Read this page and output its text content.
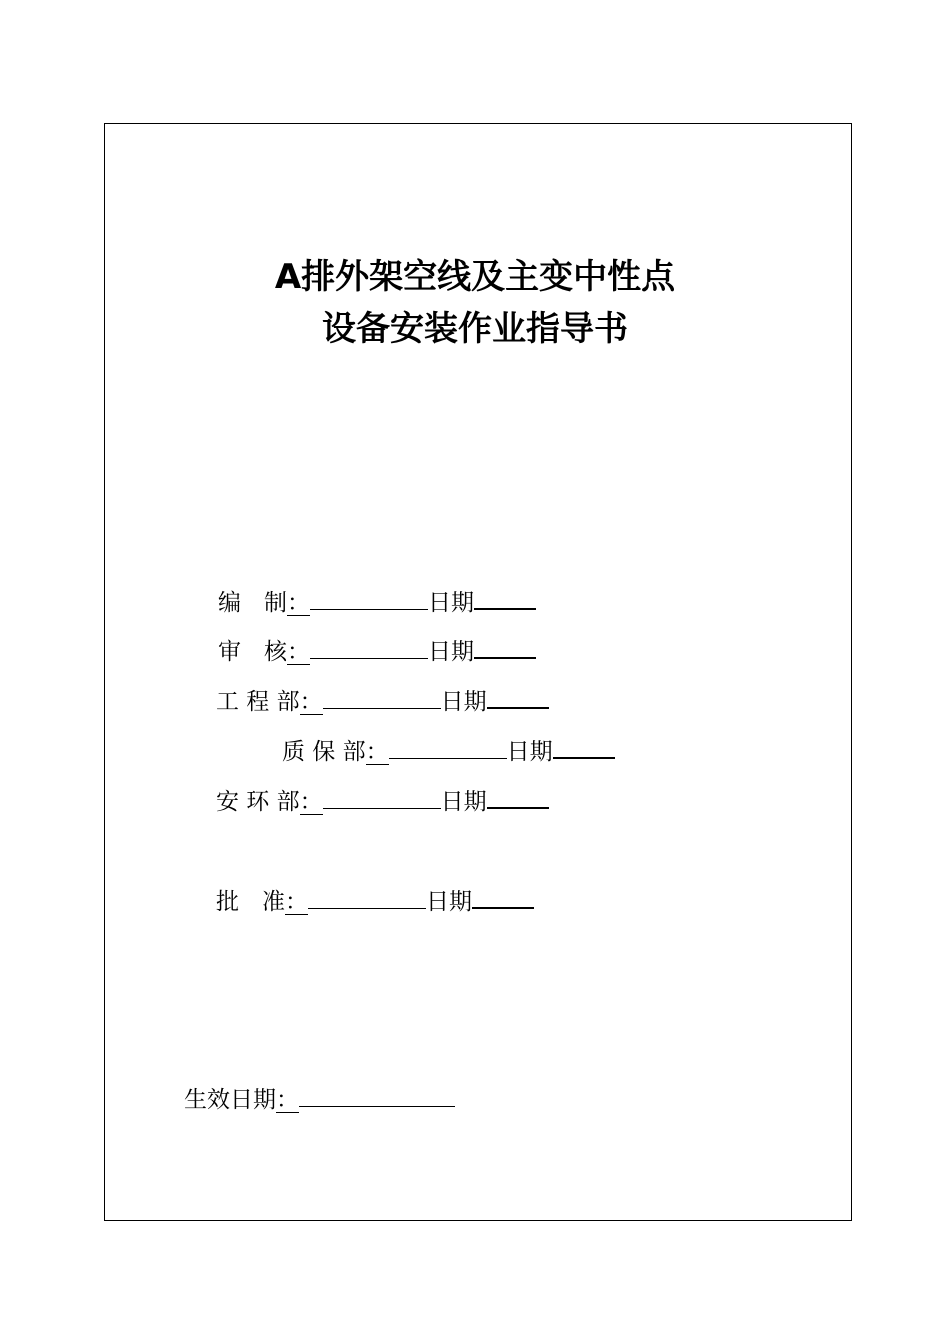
A排外架空线及主变中性点
设备安装作业指导书
编　制：	日期
审　核：	日期
工 程 部：	日期
质 保 部：	日期
安 环 部：	日期
批　准：	日期
生效日期：
